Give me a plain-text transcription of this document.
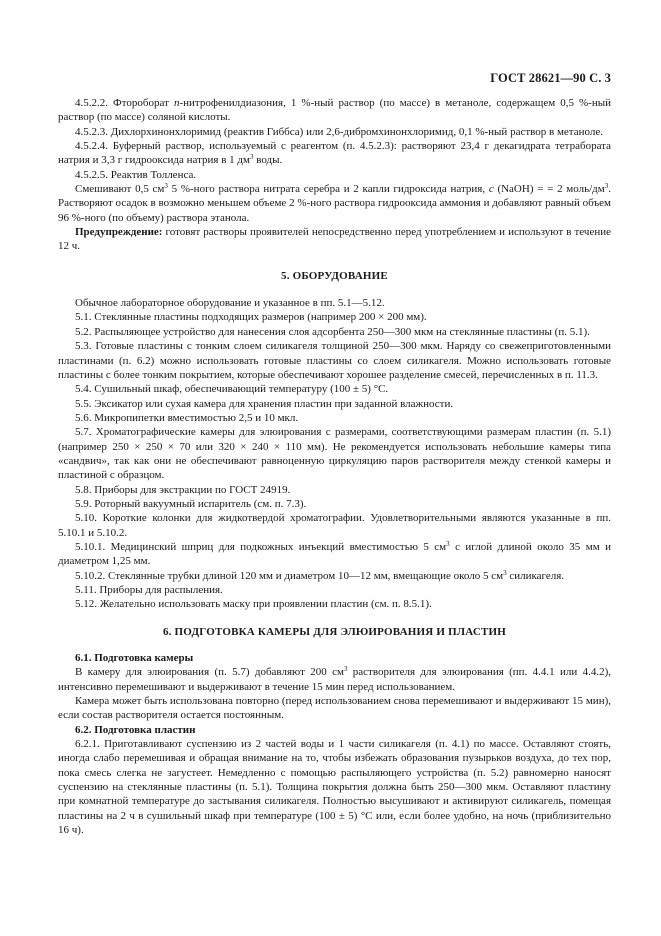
ГОСТ 28621—90 С. 3

4.5.2.2. Фтороборат n-нитрофенилдиазония, 1 %-ный раствор (по массе) в метаноле, содержащем 0,5 %-ный раствор (по массе) соляной кислоты.

4.5.2.3. Дихлорхинонхлоримид (реактив Гиббса) или 2,6-дибромхинонхлоримид, 0,1 %-ный раствор в метаноле.

4.5.2.4. Буферный раствор, используемый с реагентом (п. 4.5.2.3): растворяют 23,4 г декагидрата тетрабората натрия и 3,3 г гидрооксида натрия в 1 $дм^3$ воды.

4.5.2.5. Реактив Толленса.

Смешивают 0,5 $см^3$ 5 %-ного раствора нитрата серебра и 2 капли гидроксида натрия, c (NaOH) = = 2 моль/$дм^3$. Растворяют осадок в возможно меньшем объеме 2 %-ного раствора гидрооксида аммония и добавляют равный объем 96 %-ного (по объему) раствора этанола.

Предупреждение: готовят растворы проявителей непосредственно перед употреблением и используют в течение 12 ч.

5. ОБОРУДОВАНИЕ

Обычное лабораторное оборудование и указанное в пп. 5.1—5.12.

5.1. Стеклянные пластины подходящих размеров (например 200 × 200 мм).

5.2. Распыляющее устройство для нанесения слоя адсорбента 250—300 мкм на стеклянные пластины (п. 5.1).

5.3. Готовые пластины с тонким слоем силикагеля толщиной 250—300 мкм. Наряду со свежеприготовленными пластинами (п. 6.2) можно использовать готовые пластины со слоем силикагеля. Можно использовать готовые пластины с более тонким покрытием, которые обеспечивают хорошее разделение смесей, перечисленных в п. 11.3.

5.4. Сушильный шкаф, обеспечивающий температуру (100 ± 5) °С.

5.5. Эксикатор или сухая камера для хранения пластин при заданной влажности.

5.6. Микропипетки вместимостью 2,5 и 10 мкл.

5.7. Хроматографические камеры для элюирования с размерами, соответствующими размерам пластин (п. 5.1) (например 250 × 250 × 70 или 320 × 240 × 110 мм). Не рекомендуется использовать небольшие камеры типа «сандвич», так как они не обеспечивают равноценную циркуляцию паров растворителя между стенкой камеры и пластиной с образцом.

5.8. Приборы для экстракции по ГОСТ 24919.

5.9. Роторный вакуумный испаритель (см. п. 7.3).

5.10. Короткие колонки для жидкотвердой хроматографии. Удовлетворительными являются указанные в пп. 5.10.1 и 5.10.2.

5.10.1. Медицинский шприц для подкожных инъекций вместимостью 5 $см^3$ с иглой длиной около 35 мм и диаметром 1,25 мм.

5.10.2. Стеклянные трубки длиной 120 мм и диаметром 10—12 мм, вмещающие около 5 $см^3$ силикагеля.

5.11. Приборы для распыления.

5.12. Желательно использовать маску при проявлении пластин (см. п. 8.5.1).

6. ПОДГОТОВКА КАМЕРЫ ДЛЯ ЭЛЮИРОВАНИЯ И ПЛАСТИН

6.1. Подготовка камеры

В камеру для элюирования (п. 5.7) добавляют 200 $см^3$ растворителя для элюирования (пп. 4.4.1 или 4.4.2), интенсивно перемешивают и выдерживают в течение 15 мин перед использованием.

Камера может быть использована повторно (перед использованием снова перемешивают и выдерживают 15 мин), если состав растворителя остается постоянным.

6.2. Подготовка пластин

6.2.1. Приготавливают суспензию из 2 частей воды и 1 части силикагеля (п. 4.1) по массе. Оставляют стоять, иногда слабо перемешивая и обращая внимание на то, чтобы избежать образования пузырьков воздуха, до тех пор, пока смесь слегка не загустеет. Немедленно с помощью распыляющего устройства (п. 5.2) равномерно наносят суспензию на стеклянные пластины (п. 5.1). Толщина покрытия должна быть 250—300 мкм. Оставляют пластину при комнатной температуре до застывания силикагеля. Полностью высушивают и активируют силикагель, помещая пластины на 2 ч в сушильный шкаф при температуре (100 ± 5) °С или, если более удобно, на ночь (приблизительно 16 ч).
